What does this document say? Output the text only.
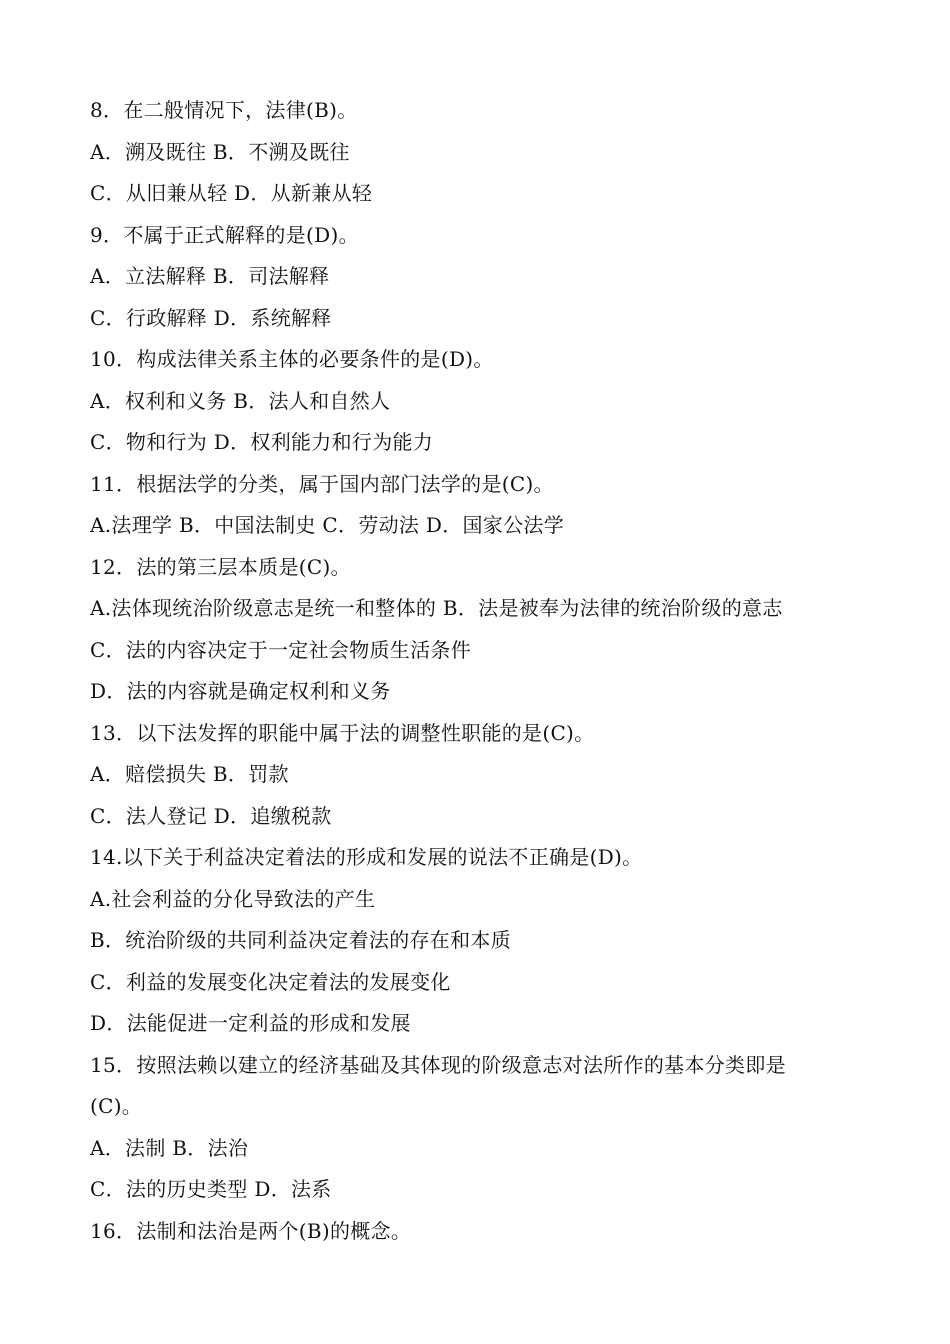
8．在二般情况下，法律(B)。
A．溯及既往 B．不溯及既往
C．从旧兼从轻 D．从新兼从轻
9．不属于正式解释的是(D)。
A．立法解释 B．司法解释
C．行政解释 D．系统解释
10．构成法律关系主体的必要条件的是(D)。
A．权利和义务 B．法人和自然人
C．物和行为 D．权利能力和行为能力
11．根据法学的分类，属于国内部门法学的是(C)。
A.法理学 B．中国法制史 C．劳动法 D．国家公法学
12．法的第三层本质是(C)。
A.法体现统治阶级意志是统一和整体的 B．法是被奉为法律的统治阶级的意志
C．法的内容决定于一定社会物质生活条件
D．法的内容就是确定权利和义务
13．以下法发挥的职能中属于法的调整性职能的是(C)。
A．赔偿损失 B．罚款
C．法人登记 D．追缴税款
14.以下关于利益决定着法的形成和发展的说法不正确是(D)。
A.社会利益的分化导致法的产生
B．统治阶级的共同利益决定着法的存在和本质
C．利益的发展变化决定着法的发展变化
D．法能促进一定利益的形成和发展
15．按照法赖以建立的经济基础及其体现的阶级意志对法所作的基本分类即是
(C)。
A．法制 B．法治
C．法的历史类型 D．法系
16．法制和法治是两个(B)的概念。
